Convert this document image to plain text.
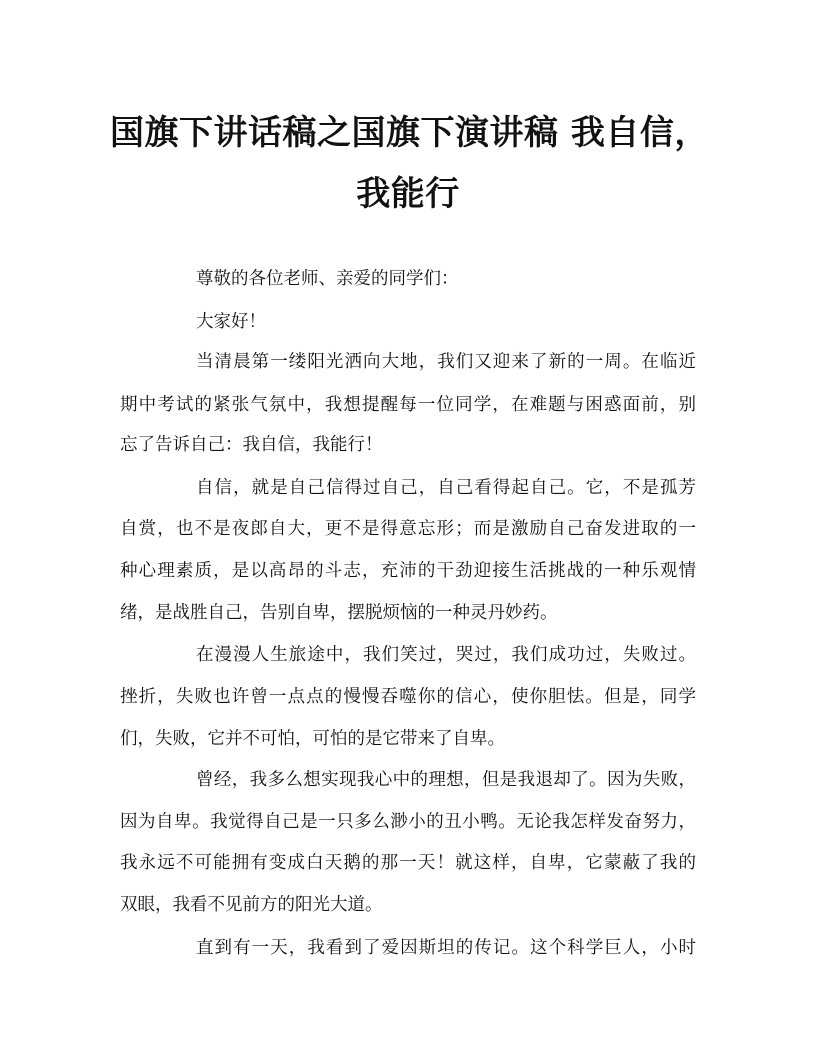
国旗下讲话稿之国旗下演讲稿 我自信，
我能行
尊敬的各位老师、亲爱的同学们：
大家好！
当清晨第一缕阳光洒向大地，我们又迎来了新的一周。在临近
期中考试的紧张气氛中，我想提醒每一位同学，在难题与困惑面前，别
忘了告诉自己：我自信，我能行！
自信，就是自己信得过自己，自己看得起自己。它，不是孤芳
自赏，也不是夜郎自大，更不是得意忘形；而是激励自己奋发进取的一
种心理素质，是以高昂的斗志，充沛的干劲迎接生活挑战的一种乐观情
绪，是战胜自己，告别自卑，摆脱烦恼的一种灵丹妙药。
在漫漫人生旅途中，我们笑过，哭过，我们成功过，失败过。
挫折，失败也许曾一点点的慢慢吞噬你的信心，使你胆怯。但是，同学
们，失败，它并不可怕，可怕的是它带来了自卑。
曾经，我多么想实现我心中的理想，但是我退却了。因为失败，
因为自卑。我觉得自己是一只多么渺小的丑小鸭。无论我怎样发奋努力，
我永远不可能拥有变成白天鹅的那一天！就这样，自卑，它蒙蔽了我的
双眼，我看不见前方的阳光大道。
直到有一天，我看到了爱因斯坦的传记。这个科学巨人，小时
